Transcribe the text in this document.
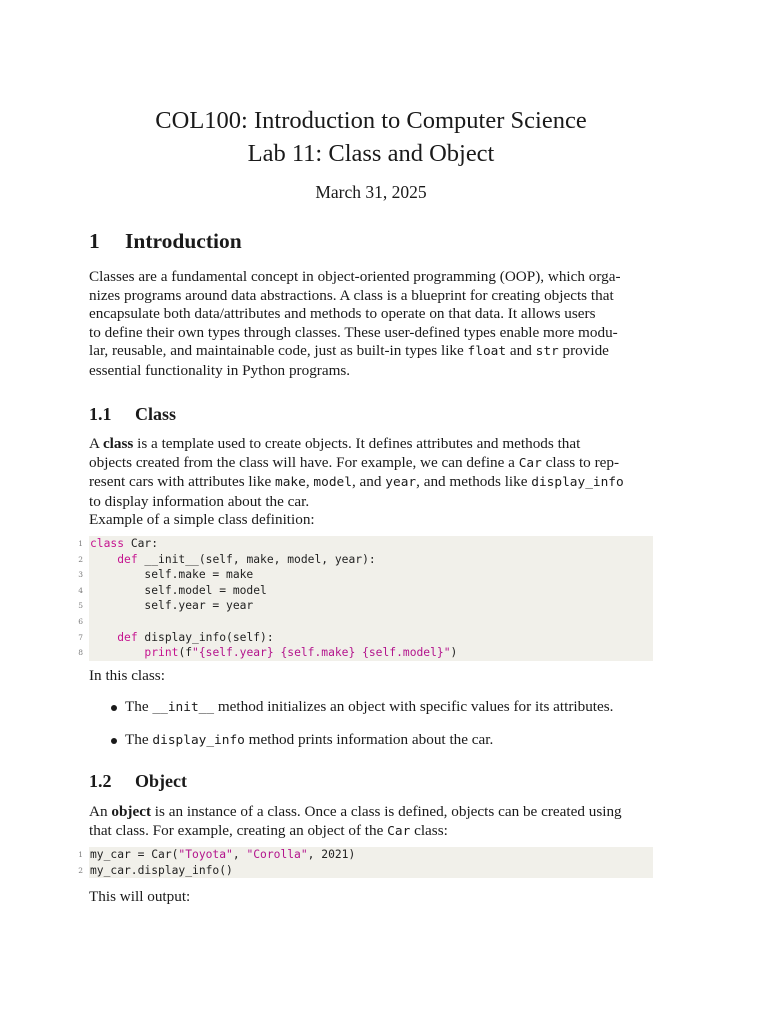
COL100: Introduction to Computer Science
Lab 11: Class and Object
March 31, 2025
1 Introduction
Classes are a fundamental concept in object-oriented programming (OOP), which orga-
nizes programs around data abstractions. A class is a blueprint for creating objects that
encapsulate both data/attributes and methods to operate on that data. It allows users
to define their own types through classes. These user-defined types enable more modu-
lar, reusable, and maintainable code, just as built-in types like float and str provide
essential functionality in Python programs.
1.1 Class
A class is a template used to create objects. It defines attributes and methods that
objects created from the class will have. For example, we can define a Car class to rep-
resent cars with attributes like make, model, and year, and methods like display_info
to display information about the car.
Example of a simple class definition:
1 class Car:
2	def __init__(self, make, model, year):
3 self.make = make
4 self.model = model
5 self.year = year
6
7	def display_info(self):
8	print(f"{self.year} {self.make} {self.model}")
In this class:
The __init__ method initializes an object with specific values for its attributes.
The display_info method prints information about the car.
1.2 Object
An object is an instance of a class. Once a class is defined, objects can be created using
that class. For example, creating an object of the Car class:
1 my_car = Car("Toyota", "Corolla", 2021)
2 my_car.display_info()
This will output:
